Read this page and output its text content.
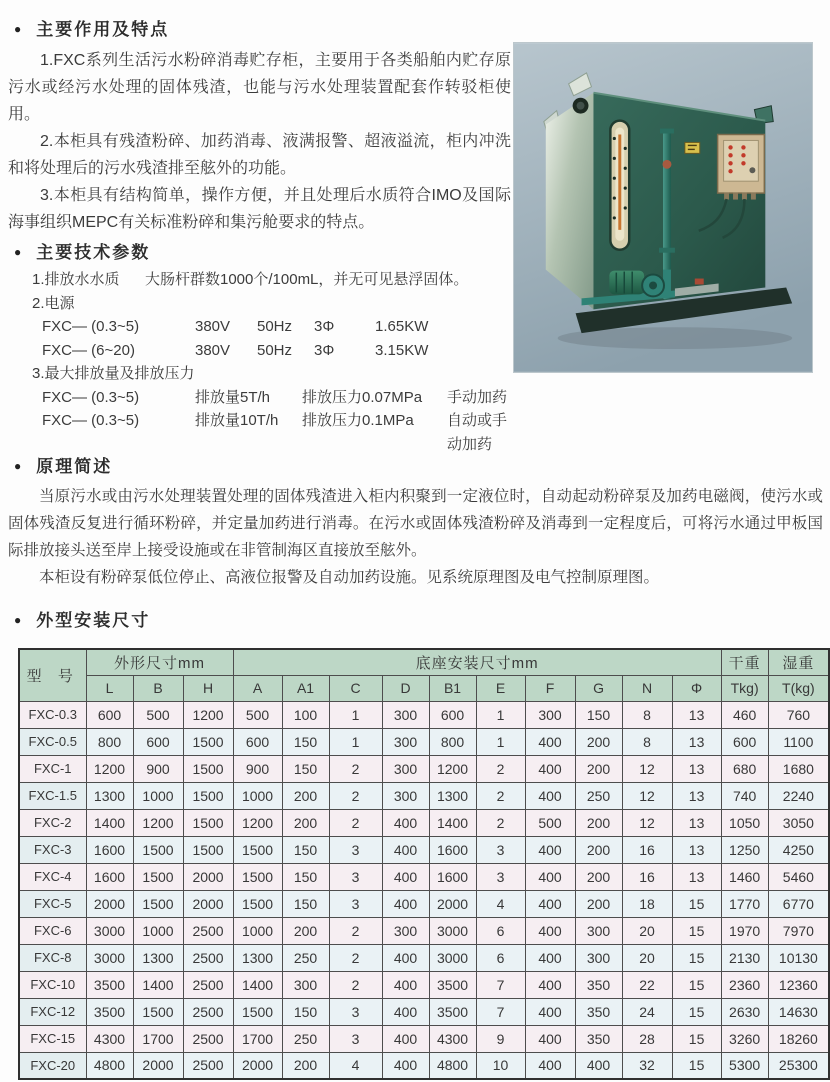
● 主要作用及特点

1.FXC系列生活污水粉碎消毒贮存柜，主要用于各类船舶内贮存原污水或经污水处理的固体残渣，也能与污水处理装置配套作转驳柜使用。

2.本柜具有残渣粉碎、加药消毒、液满报警、超液溢流，柜内冲洗和将处理后的污水残渣排至舷外的功能。

3.本柜具有结构简单，操作方便，并且处理后水质符合IMO及国际海事组织MEPC有关标准粉碎和集污舱要求的特点。

● 主要技术参数
1.排放水水质	大肠杆群数1000个/100mL，并无可见悬浮固体。
2.电源
FXC— (0.3~5)	380V	50Hz	3Φ	1.65KW
FXC— (6~20)	380V	50Hz	3Φ	3.15KW
3.最大排放量及排放压力
FXC— (0.3~5)	排放量5T/h	排放压力0.07MPa	手动加药
FXC— (0.3~5)	排放量10T/h	排放压力0.1MPa	自动或手动加药
● 原理简述

当原污水或由污水处理装置处理的固体残渣进入柜内积聚到一定液位时，自动起动粉碎泵及加药电磁阀，使污水或固体残渣反复进行循环粉碎，并定量加药进行消毒。在污水或固体残渣粉碎及消毒到一定程度后，可将污水通过甲板国际排放接头送至岸上接受设施或在非管制海区直接放至舷外。

本柜设有粉碎泵低位停止、高液位报警及自动加药设施。见系统原理图及电气控制原理图。

● 外型安装尺寸
型 号	外形尺寸mm			底座安装尺寸mm										干重	湿重
	L	B	H	A	A1	C	D	B1	E	F	G	N	Φ	Tkg)	T(kg)
FXC-0.3	600	500	1200	500	100	1	300	600	1	300	150	8	13	460	760
FXC-0.5	800	600	1500	600	150	1	300	800	1	400	200	8	13	600	1100
FXC-1	1200	900	1500	900	150	2	300	1200	2	400	200	12	13	680	1680
FXC-1.5	1300	1000	1500	1000	200	2	300	1300	2	400	250	12	13	740	2240
FXC-2	1400	1200	1500	1200	200	2	400	1400	2	500	200	12	13	1050	3050
FXC-3	1600	1500	1500	1500	150	3	400	1600	3	400	200	16	13	1250	4250
FXC-4	1600	1500	2000	1500	150	3	400	1600	3	400	200	16	13	1460	5460
FXC-5	2000	1500	2000	1500	150	3	400	2000	4	400	200	18	15	1770	6770
FXC-6	3000	1000	2500	1000	200	2	300	3000	6	400	300	20	15	1970	7970
FXC-8	3000	1300	2500	1300	250	2	400	3000	6	400	300	20	15	2130	10130
FXC-10	3500	1400	2500	1400	300	2	400	3500	7	400	350	22	15	2360	12360
FXC-12	3500	1500	2500	1500	150	3	400	3500	7	400	350	24	15	2630	14630
FXC-15	4300	1700	2500	1700	250	3	400	4300	9	400	350	28	15	3260	18260
FXC-20	4800	2000	2500	2000	200	4	400	4800	10	400	400	32	15	5300	25300
